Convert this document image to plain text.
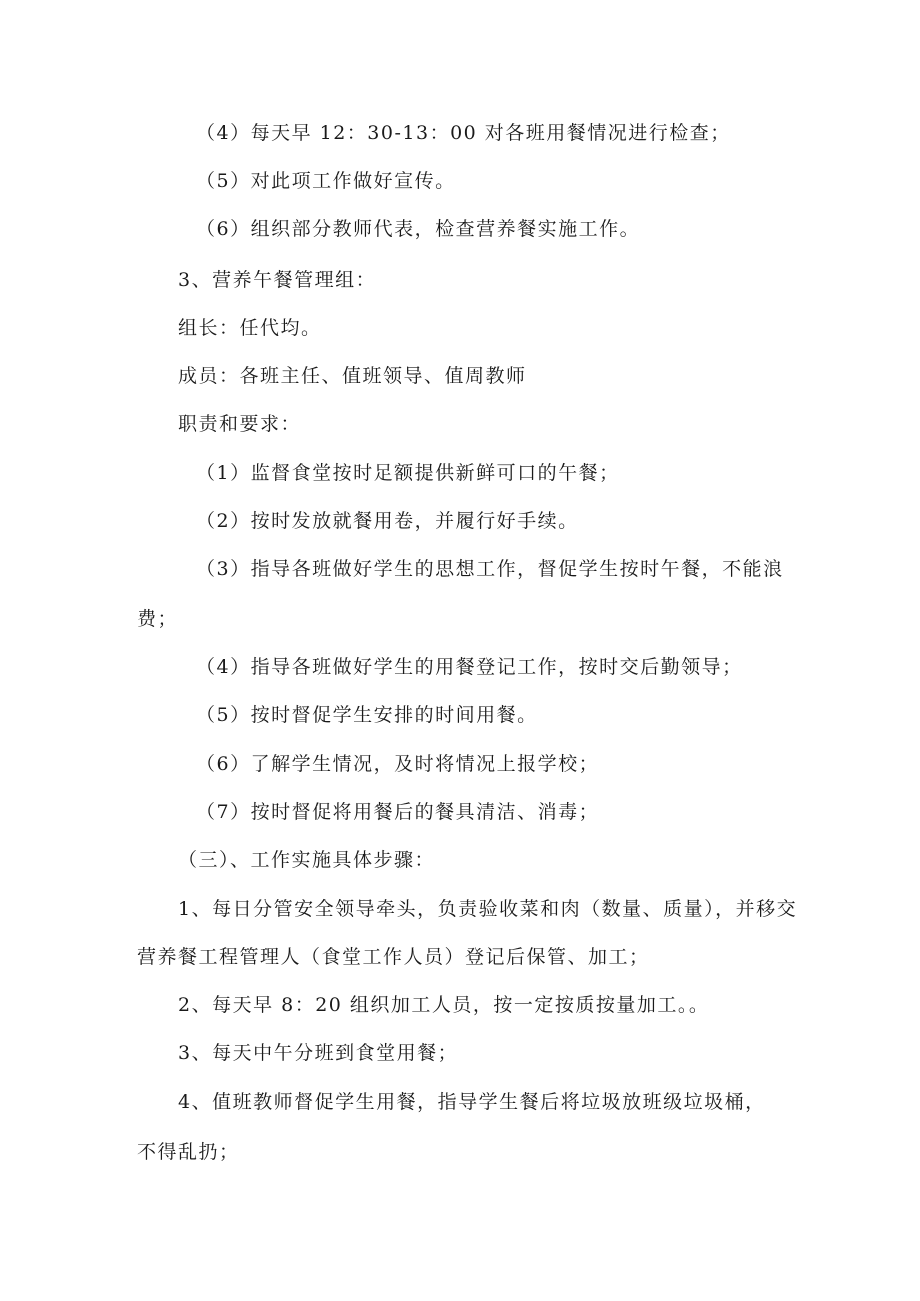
（4）每天早 12：30-13：00 对各班用餐情况进行检查；
（5）对此项工作做好宣传。
（6）组织部分教师代表，检查营养餐实施工作。
3、营养午餐管理组：
组长：任代均。
成员：各班主任、值班领导、值周教师
职责和要求：
（1）监督食堂按时足额提供新鲜可口的午餐；
（2）按时发放就餐用卷，并履行好手续。
（3）指导各班做好学生的思想工作，督促学生按时午餐，不能浪
费；
（4）指导各班做好学生的用餐登记工作，按时交后勤领导；
（5）按时督促学生安排的时间用餐。
（6）了解学生情况，及时将情况上报学校；
（7）按时督促将用餐后的餐具清洁、消毒；
（三）、工作实施具体步骤：
1、每日分管安全领导牵头，负责验收菜和肉（数量、质量），并移交
营养餐工程管理人（食堂工作人员）登记后保管、加工；
2、每天早 8：20 组织加工人员，按一定按质按量加工。。
3、每天中午分班到食堂用餐；
4、值班教师督促学生用餐，指导学生餐后将垃圾放班级垃圾桶，
不得乱扔；
